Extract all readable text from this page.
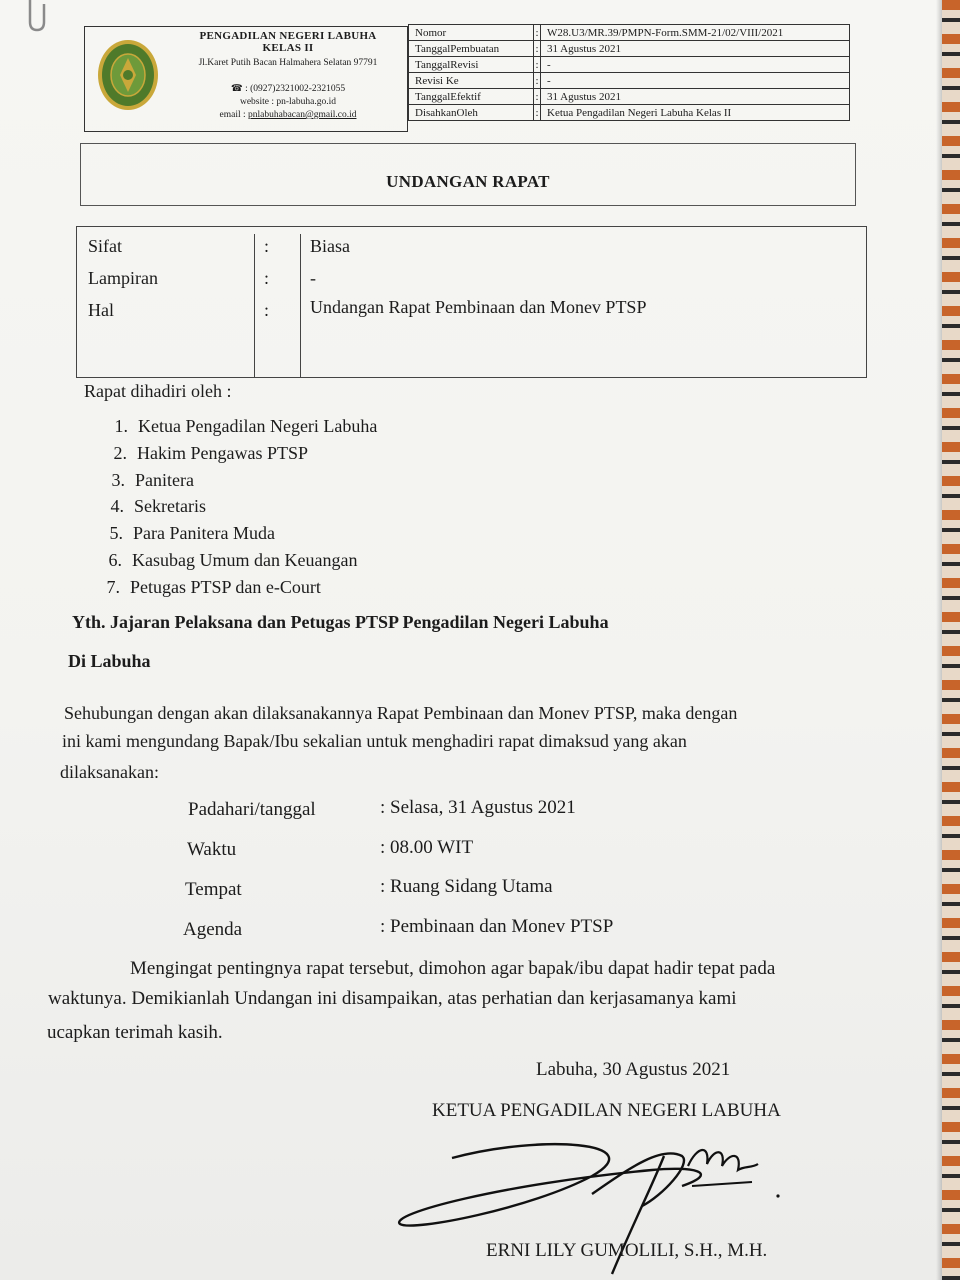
PENGADILAN NEGERI LABUHA
KELAS II
Jl.Karet Putih Bacan Halmahera Selatan 97791
☎ : (0927)2321002-2321055
website : pn-labuha.go.id
email : pnlabuhabacan@gmail.co.id
Nomor	:	W28.U3/MR.39/PMPN-Form.SMM-21/02/VIII/2021
TanggalPembuatan	:	31 Agustus 2021
TanggalRevisi	:	-
Revisi Ke	:	-
TanggalEfektif	:	31 Agustus 2021
DisahkanOleh	:	Ketua Pengadilan Negeri Labuha Kelas II
UNDANGAN RAPAT
Sifat	: Biasa
Lampiran	: -
Hal	: Undangan Rapat Pembinaan dan Monev PTSP
Rapat dihadiri oleh :
1. Ketua Pengadilan Negeri Labuha
2. Hakim Pengawas PTSP
3. Panitera
4. Sekretaris
5. Para Panitera Muda
6. Kasubag Umum dan Keuangan
7. Petugas PTSP dan e-Court
Yth. Jajaran Pelaksana dan Petugas PTSP Pengadilan Negeri Labuha
Di Labuha
Sehubungan dengan akan dilaksanakannya Rapat Pembinaan dan Monev PTSP, maka dengan
ini kami mengundang Bapak/Ibu sekalian untuk menghadiri rapat dimaksud yang akan
dilaksanakan:
Padahari/tanggal	: Selasa, 31 Agustus 2021
Waktu	: 08.00 WIT
Tempat	: Ruang Sidang Utama
Agenda	: Pembinaan dan Monev PTSP
Mengingat pentingnya rapat tersebut, dimohon agar bapak/ibu dapat hadir tepat pada
waktunya. Demikianlah Undangan ini disampaikan, atas perhatian dan kerjasamanya kami
ucapkan terimah kasih.
Labuha, 30 Agustus 2021
KETUA PENGADILAN NEGERI LABUHA
ERNI LILY GUMOLILI, S.H., M.H.
